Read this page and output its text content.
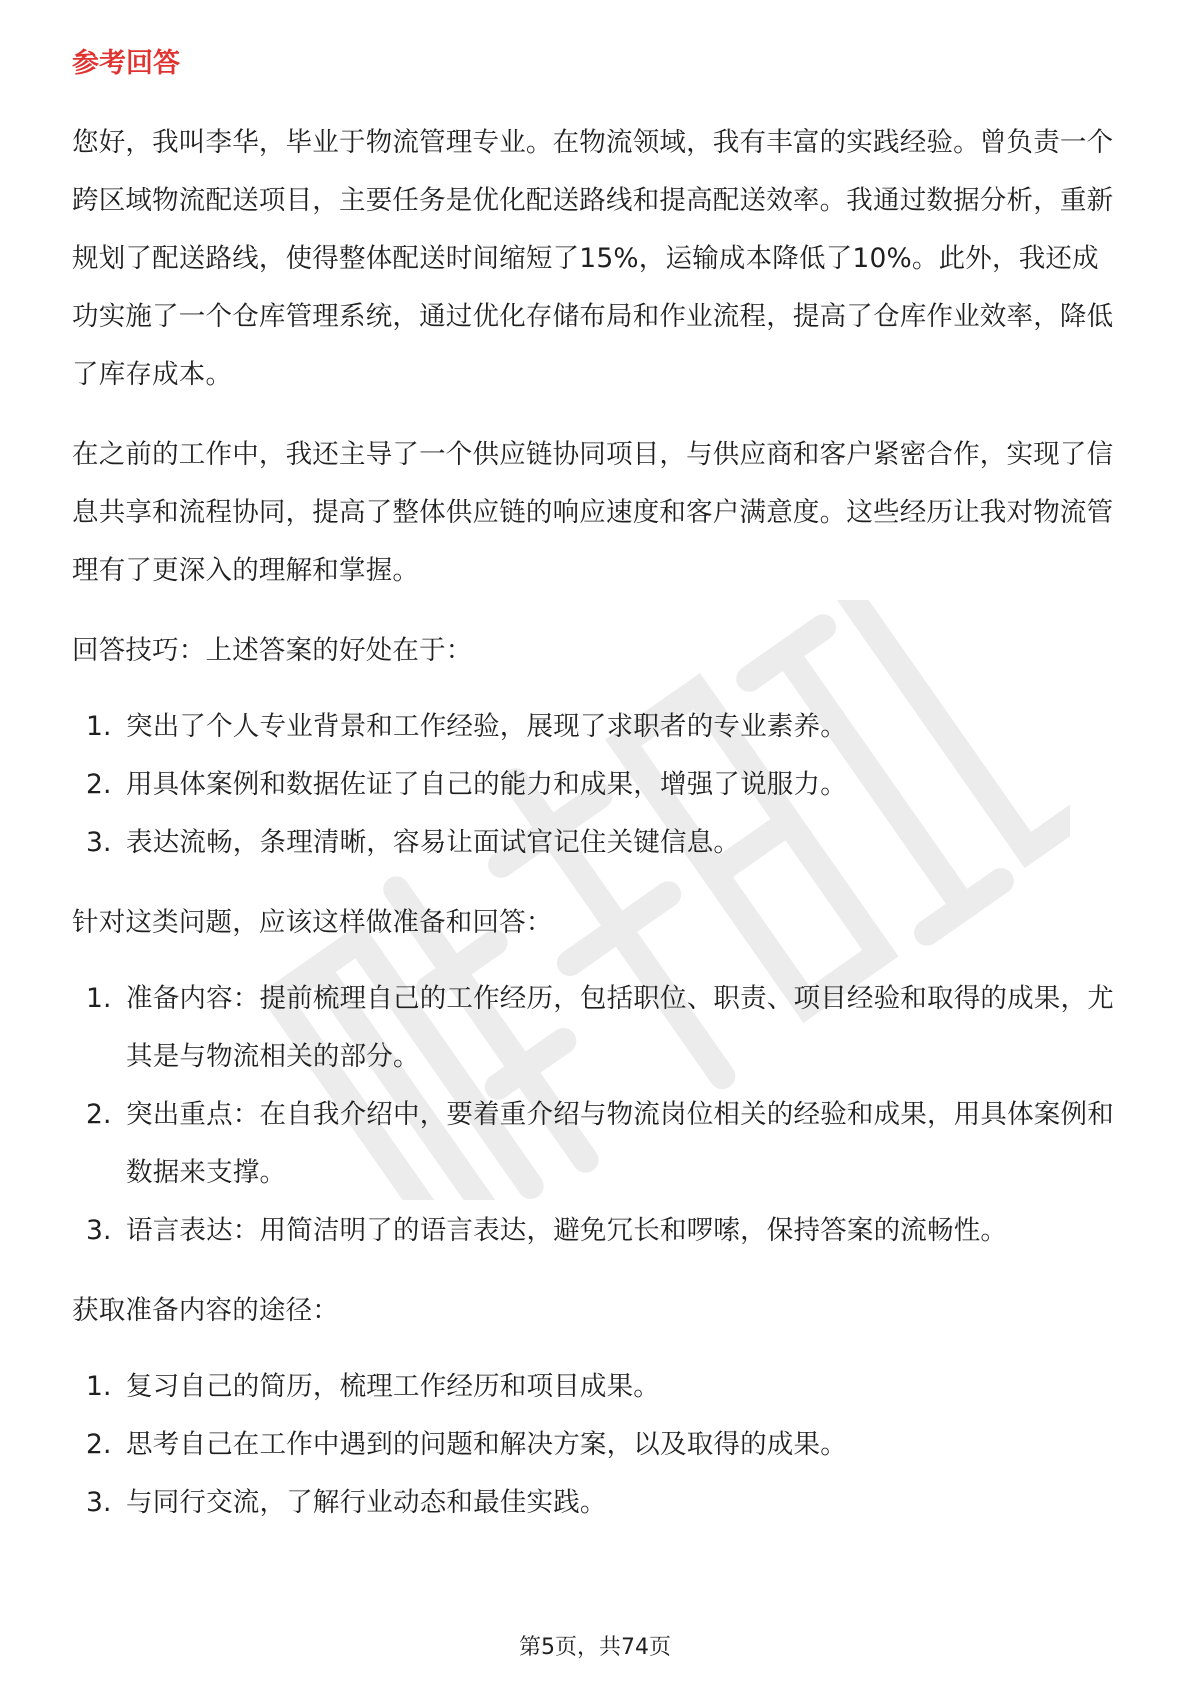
参考回答

您好，我叫李华，毕业于物流管理专业。在物流领域，我有丰富的实践经验。曾负责一个跨区域物流配送项目，主要任务是优化配送路线和提高配送效率。我通过数据分析，重新规划了配送路线，使得整体配送时间缩短了15%，运输成本降低了10%。此外，我还成功实施了一个仓库管理系统，通过优化存储布局和作业流程，提高了仓库作业效率，降低了库存成本。

在之前的工作中，我还主导了一个供应链协同项目，与供应商和客户紧密合作，实现了信息共享和流程协同，提高了整体供应链的响应速度和客户满意度。这些经历让我对物流管理有了更深入的理解和掌握。

回答技巧：上述答案的好处在于：

1. 突出了个人专业背景和工作经验，展现了求职者的专业素养。
2. 用具体案例和数据佐证了自己的能力和成果，增强了说服力。
3. 表达流畅，条理清晰，容易让面试官记住关键信息。

针对这类问题，应该这样做准备和回答：

1. 准备内容：提前梳理自己的工作经历，包括职位、职责、项目经验和取得的成果，尤其是与物流相关的部分。
2. 突出重点：在自我介绍中，要着重介绍与物流岗位相关的经验和成果，用具体案例和数据来支撑。
3. 语言表达：用简洁明了的语言表达，避免冗长和啰嗦，保持答案的流畅性。

获取准备内容的途径：

1. 复习自己的简历，梳理工作经历和项目成果。
2. 思考自己在工作中遇到的问题和解决方案，以及取得的成果。
3. 与同行交流，了解行业动态和最佳实践。
第5页，共74页
